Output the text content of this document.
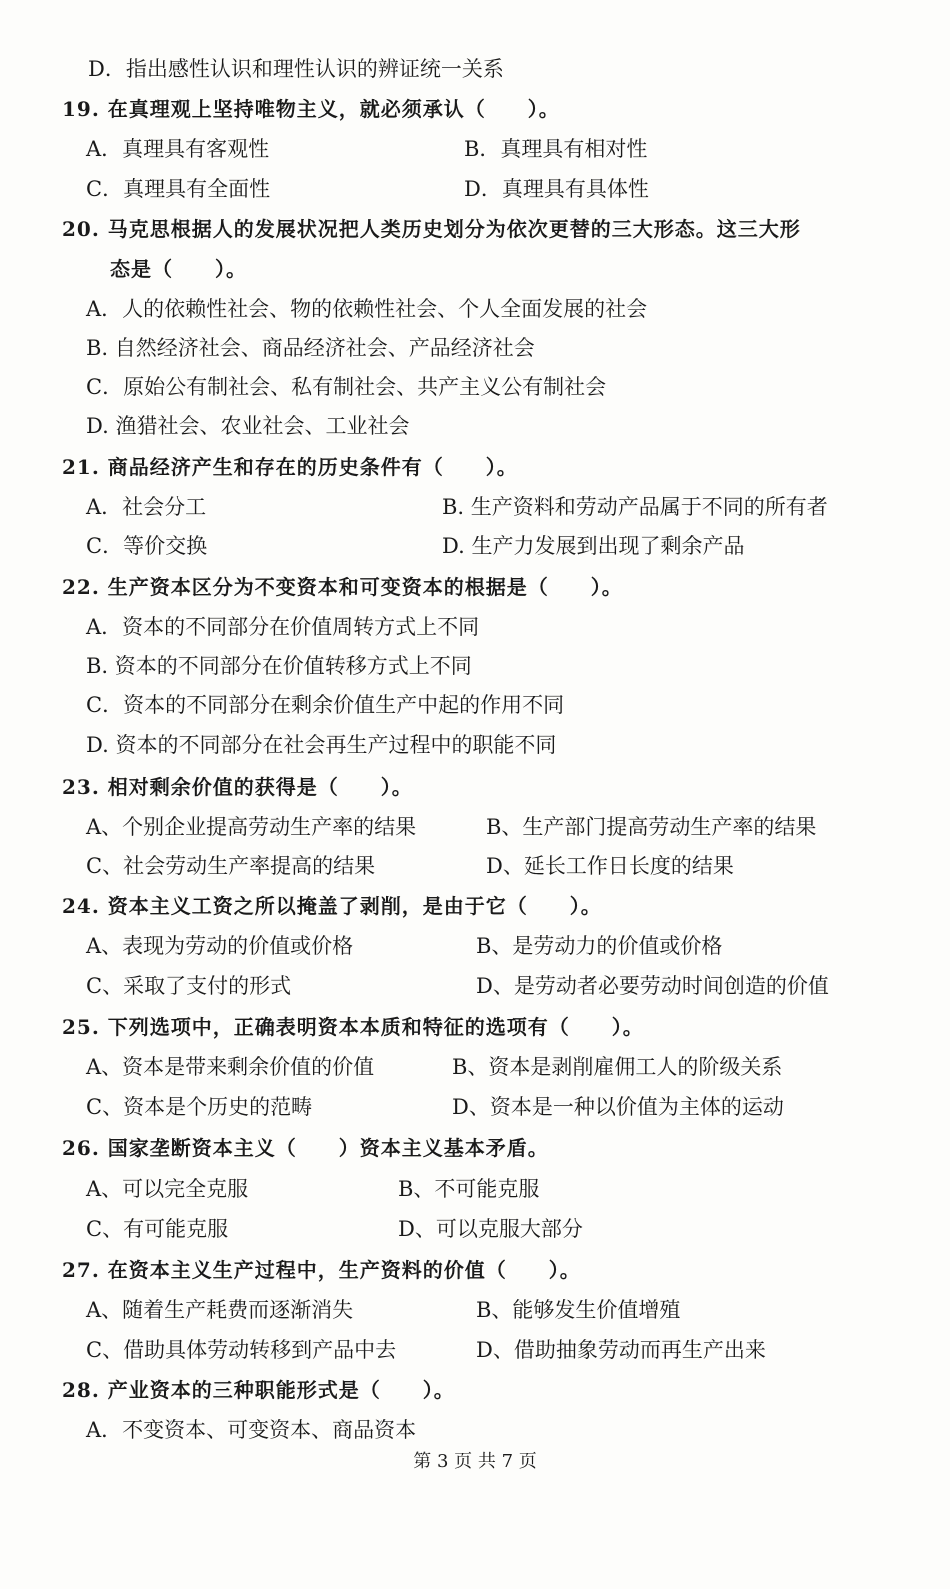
D．指出感性认识和理性认识的辨证统一关系
19. 在真理观上坚持唯物主义，就必须承认（　　）。
A．真理具有客观性	B．真理具有相对性
C．真理具有全面性	D．真理具有具体性
20. 马克思根据人的发展状况把人类历史划分为依次更替的三大形态。这三大形
态是（　　）。
A．人的依赖性社会、物的依赖性社会、个人全面发展的社会
B. 自然经济社会、商品经济社会、产品经济社会
C．原始公有制社会、私有制社会、共产主义公有制社会
D. 渔猎社会、农业社会、工业社会
21. 商品经济产生和存在的历史条件有（　　）。
A．社会分工	B. 生产资料和劳动产品属于不同的所有者
C．等价交换	D. 生产力发展到出现了剩余产品
22. 生产资本区分为不变资本和可变资本的根据是（　　）。
A．资本的不同部分在价值周转方式上不同
B. 资本的不同部分在价值转移方式上不同
C．资本的不同部分在剩余价值生产中起的作用不同
D. 资本的不同部分在社会再生产过程中的职能不同
23. 相对剩余价值的获得是（　　）。
A、个别企业提高劳动生产率的结果	B、生产部门提高劳动生产率的结果
C、社会劳动生产率提高的结果	D、延长工作日长度的结果
24. 资本主义工资之所以掩盖了剥削，是由于它（　　）。
A、表现为劳动的价值或价格	B、是劳动力的价值或价格
C、采取了支付的形式	D、是劳动者必要劳动时间创造的价值
25. 下列选项中，正确表明资本本质和特征的选项有（　　）。
A、资本是带来剩余价值的价值	B、资本是剥削雇佣工人的阶级关系
C、资本是个历史的范畴	D、资本是一种以价值为主体的运动
26. 国家垄断资本主义（　　）资本主义基本矛盾。
A、可以完全克服	B、不可能克服
C、有可能克服	D、可以克服大部分
27. 在资本主义生产过程中，生产资料的价值（　　）。
A、随着生产耗费而逐渐消失	B、能够发生价值增殖
C、借助具体劳动转移到产品中去	D、借助抽象劳动而再生产出来
28. 产业资本的三种职能形式是（　　）。
A．不变资本、可变资本、商品资本
第 3 页 共 7 页
